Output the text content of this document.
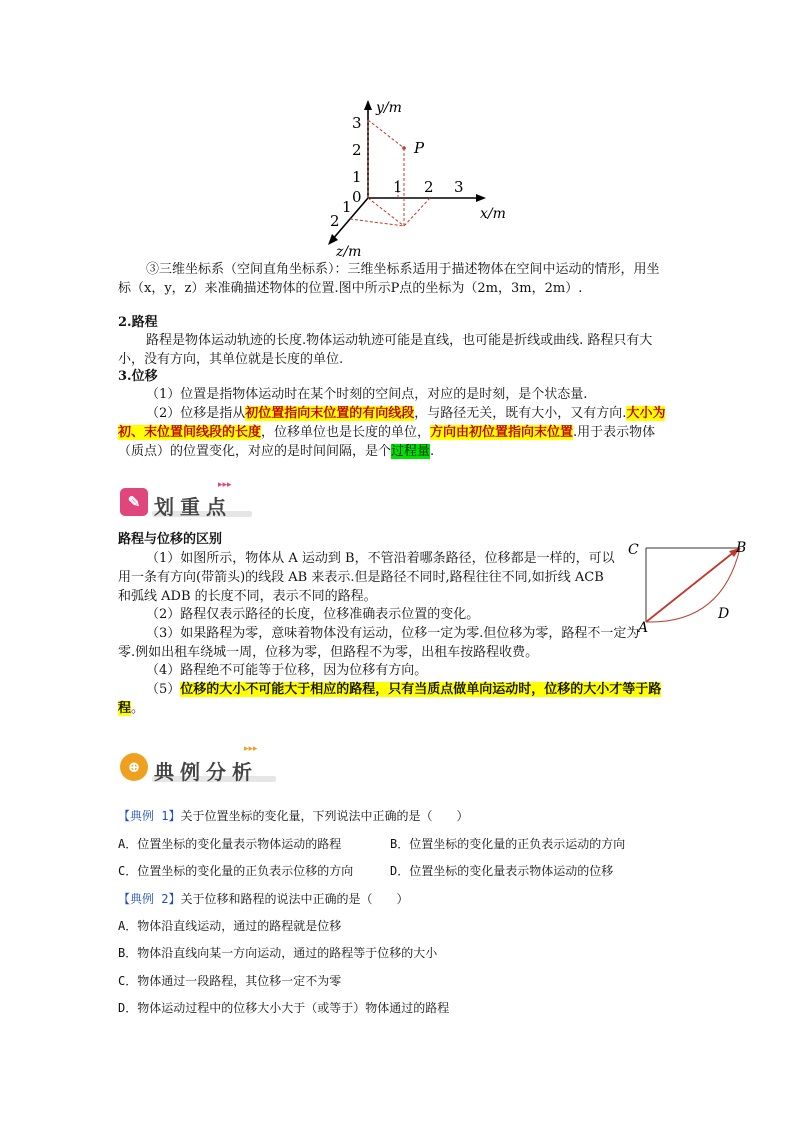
P
y/m
x/m
z/m
3
2
1
0
1 2 3
1
2

③三维坐标系（空间直角坐标系）：三维坐标系适用于描述物体在空间中运动的情形，用坐标（x，y，z）来准确描述物体的位置.图中所示P点的坐标为（2m，3m，2m）.

2.路程

路程是物体运动轨迹的长度.物体运动轨迹可能是直线，也可能是折线或曲线. 路程只有大小，没有方向，其单位就是长度的单位.

3.位移

（1）位置是指物体运动时在某个时刻的空间点，对应的是时刻，是个状态量.

（2）位移是指从初位置指向末位置的有向线段，与路径无关，既有大小，又有方向.大小为初、末位置间线段的长度，位移单位也是长度的单位，方向由初位置指向末位置.用于表示物体（质点）的位置变化，对应的是时间间隔，是个过程量.

✎ 划重点
▸▸▸
路程与位移的区别

（1）如图所示，物体从 A 运动到 B，不管沿着哪条路径，位移都是一样的，可以用一条有方向(带箭头)的线段 AB 来表示.但是路径不同时,路程往往不同,如折线 ACB 和弧线 ADB 的长度不同，表示不同的路程。

（2）路程仅表示路径的长度，位移准确表示位置的变化。

（3）如果路程为零，意味着物体没有运动，位移一定为零.但位移为零，路程不一定为零.例如出租车绕城一周，位移为零，但路程不为零，出租车按路程收费。

（4）路程绝不可能等于位移，因为位移有方向。

（5）位移的大小不可能大于相应的路程，只有当质点做单向运动时，位移的大小才等于路程。

C	B
A
D
⊕ 典例分析
▸▸▸
【典例 1】关于位置坐标的变化量，下列说法中正确的是（　　）
A．位置坐标的变化量表示物体运动的路程	B．位置坐标的变化量的正负表示运动的方向
C．位置坐标的变化量的正负表示位移的方向	D．位置坐标的变化量表示物体运动的位移
【典例 2】关于位移和路程的说法中正确的是（　　）
A．物体沿直线运动，通过的路程就是位移
B．物体沿直线向某一方向运动，通过的路程等于位移的大小
C．物体通过一段路程，其位移一定不为零
D．物体运动过程中的位移大小大于（或等于）物体通过的路程
